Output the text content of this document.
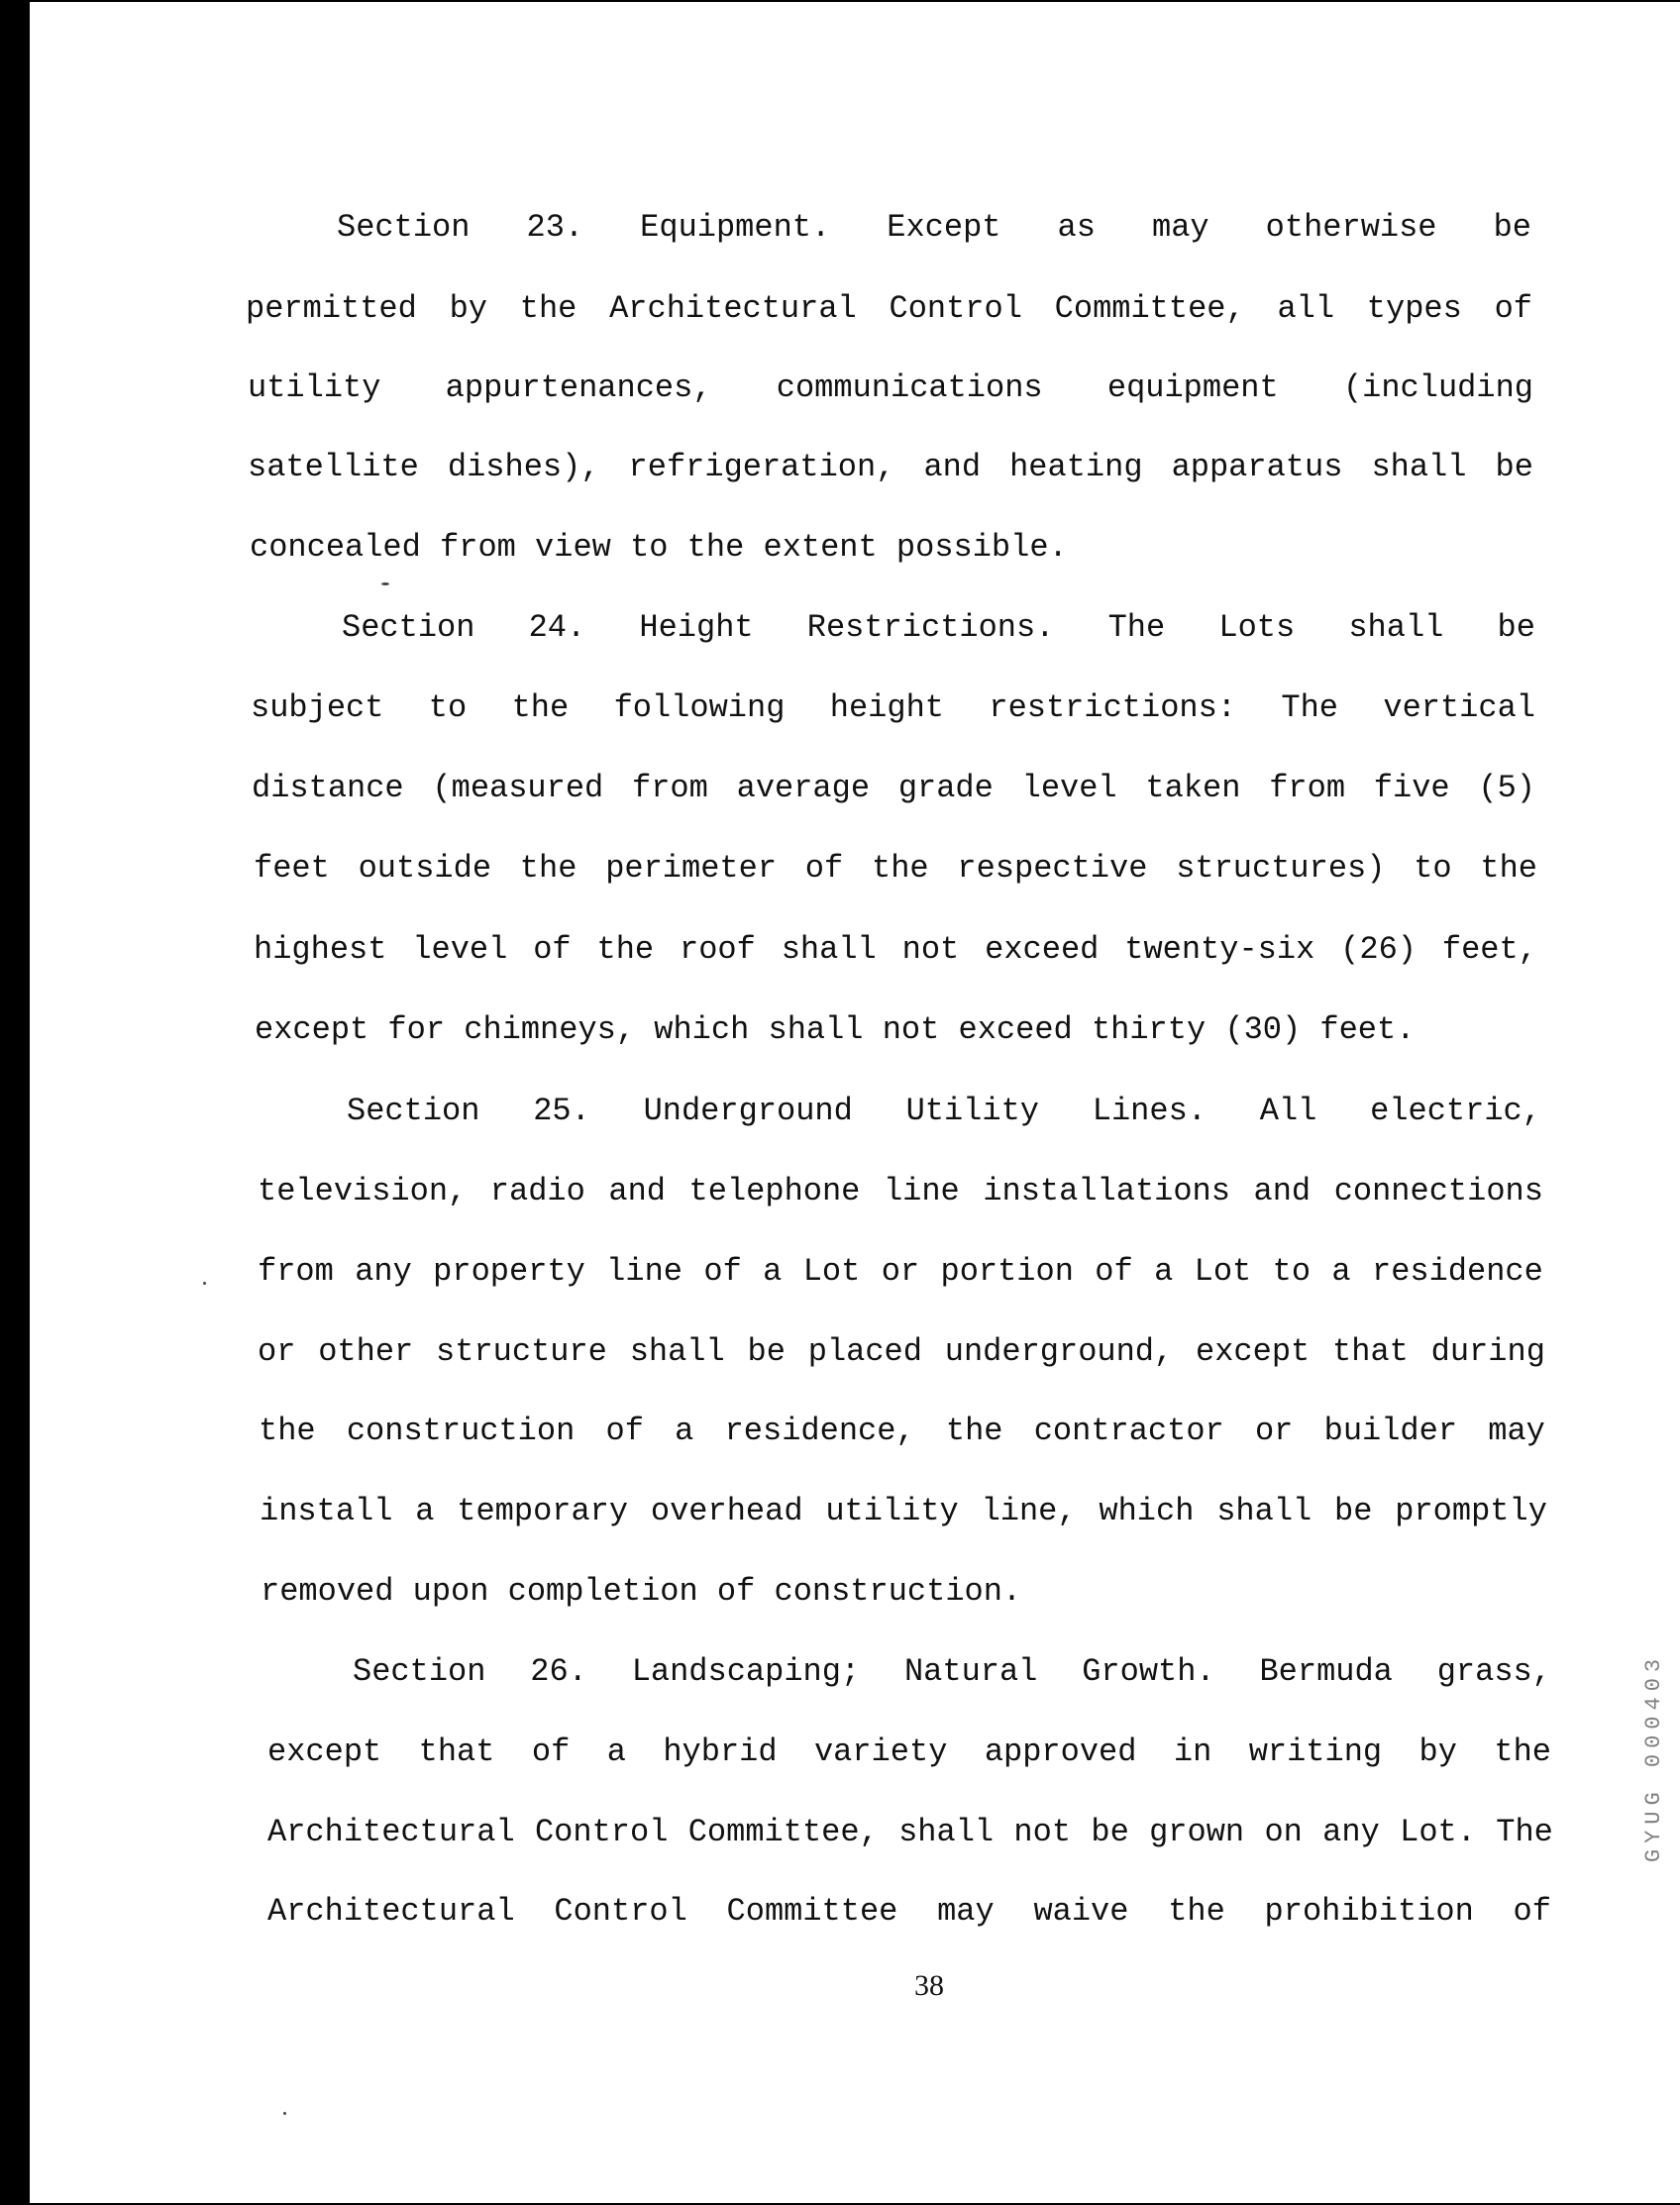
Section 23. Equipment. Except as may otherwise be
permitted by the Architectural Control Committee, all types of
utility appurtenances, communications equipment (including
satellite dishes), refrigeration, and heating apparatus shall be
concealed from view to the extent possible.
Section 24. Height Restrictions. The Lots shall be
subject to the following height restrictions: The vertical
distance (measured from average grade level taken from five (5)
feet outside the perimeter of the respective structures) to the
highest level of the roof shall not exceed twenty-six (26) feet,
except for chimneys, which shall not exceed thirty (30) feet.
Section 25. Underground Utility Lines. All electric,
television, radio and telephone line installations and connections
from any property line of a Lot or portion of a Lot to a residence
or other structure shall be placed underground, except that during
the construction of a residence, the contractor or builder may
install a temporary overhead utility line, which shall be promptly
removed upon completion of construction.
Section 26. Landscaping; Natural Growth. Bermuda grass,
except that of a hybrid variety approved in writing by the
Architectural Control Committee, shall not be grown on any Lot. The
Architectural Control Committee may waive the prohibition of
38
GYUG 000403
